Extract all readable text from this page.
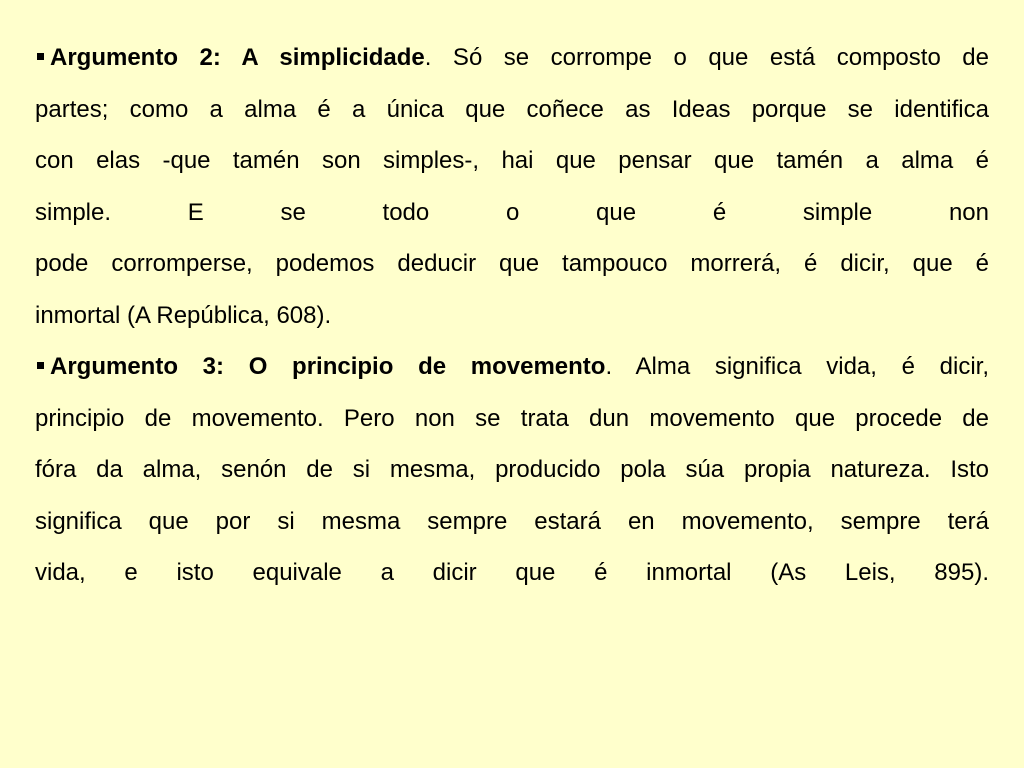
Argumento 2: A simplicidade. Só se corrompe o que está composto de
partes; como a alma é a única que coñece as Ideas porque se identifica
con elas -que tamén son simples-, hai que pensar que tamén a alma é
simple. E se todo o que é simple non
pode corromperse, podemos deducir que tampouco morrerá, é dicir, que é
inmortal (A República, 608).
Argumento 3: O principio de movemento. Alma significa vida, é dicir,
principio de movemento. Pero non se trata dun movemento que procede de
fóra da alma, senón de si mesma, producido pola súa propia natureza. Isto
significa que por si mesma sempre estará en movemento, sempre terá
vida, e isto equivale a dicir que é inmortal (As Leis, 895).
